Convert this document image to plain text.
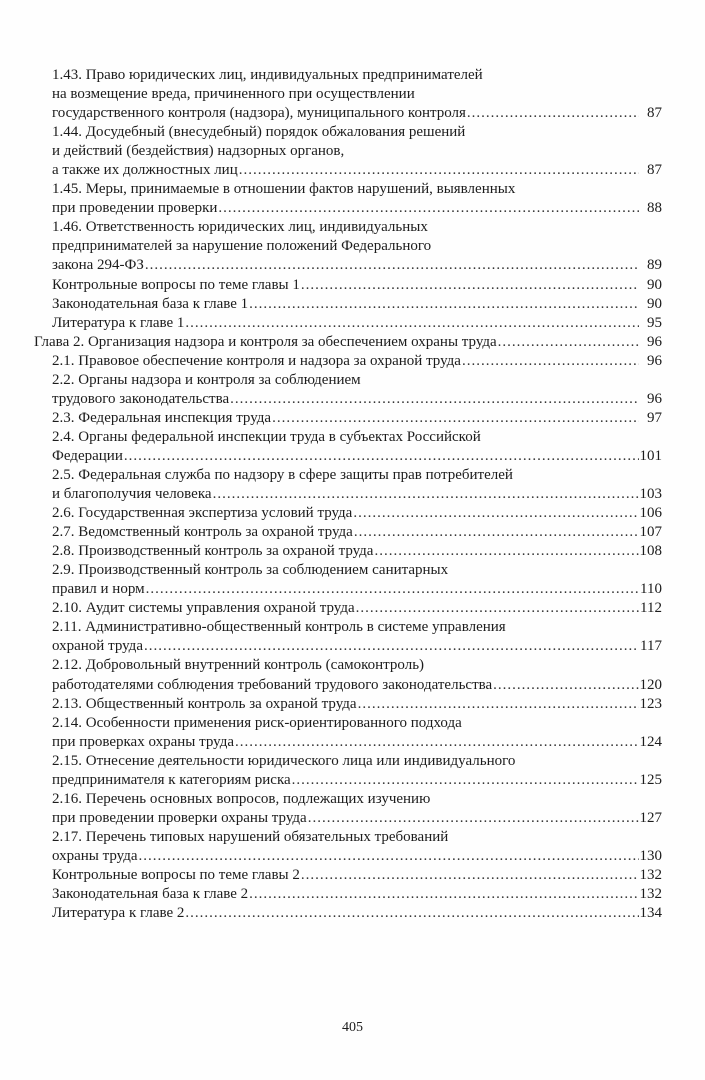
1.43. Право юридических лиц, индивидуальных предпринимателей
на возмещение вреда, причиненного при осуществлении
государственного контроля (надзора), муниципального контроля .....	87
1.44. Досудебный (внесудебный) порядок обжалования решений
и действий (бездействия) надзорных органов,
а также их должностных лиц .....	87
1.45. Меры, принимаемые в отношении фактов нарушений, выявленных
при проведении проверки .....	88
1.46. Ответственность юридических лиц, индивидуальных
предпринимателей за нарушение положений Федерального
закона 294-ФЗ .....	89
Контрольные вопросы по теме главы 1 .....	90
Законодательная база к главе 1 .....	90
Литература к главе 1 .....	95
Глава 2. Организация надзора и контроля за обеспечением охраны труда .....	96
2.1. Правовое обеспечение контроля и надзора за охраной труда .....	96
2.2. Органы надзора и контроля за соблюдением
трудового законодательства .....	96
2.3. Федеральная инспекция труда .....	97
2.4. Органы федеральной инспекции труда в субъектах Российской
Федерации .....	101
2.5. Федеральная служба по надзору в сфере защиты прав потребителей
и благополучия человека .....	103
2.6. Государственная экспертиза условий труда .....	106
2.7. Ведомственный контроль за охраной труда .....	107
2.8. Производственный контроль за охраной труда .....	108
2.9. Производственный контроль за соблюдением санитарных
правил и норм .....	110
2.10. Аудит системы управления охраной труда .....	112
2.11. Административно-общественный контроль в системе управления
охраной труда .....	117
2.12. Добровольный внутренний контроль (самоконтроль)
работодателями соблюдения требований трудового законодательства .....	120
2.13. Общественный контроль за охраной труда .....	123
2.14. Особенности применения риск-ориентированного подхода
при проверках охраны труда .....	124
2.15. Отнесение деятельности юридического лица или индивидуального
предпринимателя к категориям риска .....	125
2.16. Перечень основных вопросов, подлежащих изучению
при проведении проверки охраны труда .....	127
2.17. Перечень типовых нарушений обязательных требований
охраны труда .....	130
Контрольные вопросы по теме главы 2 .....	132
Законодательная база к главе 2 .....	132
Литература к главе 2 .....	134
405
